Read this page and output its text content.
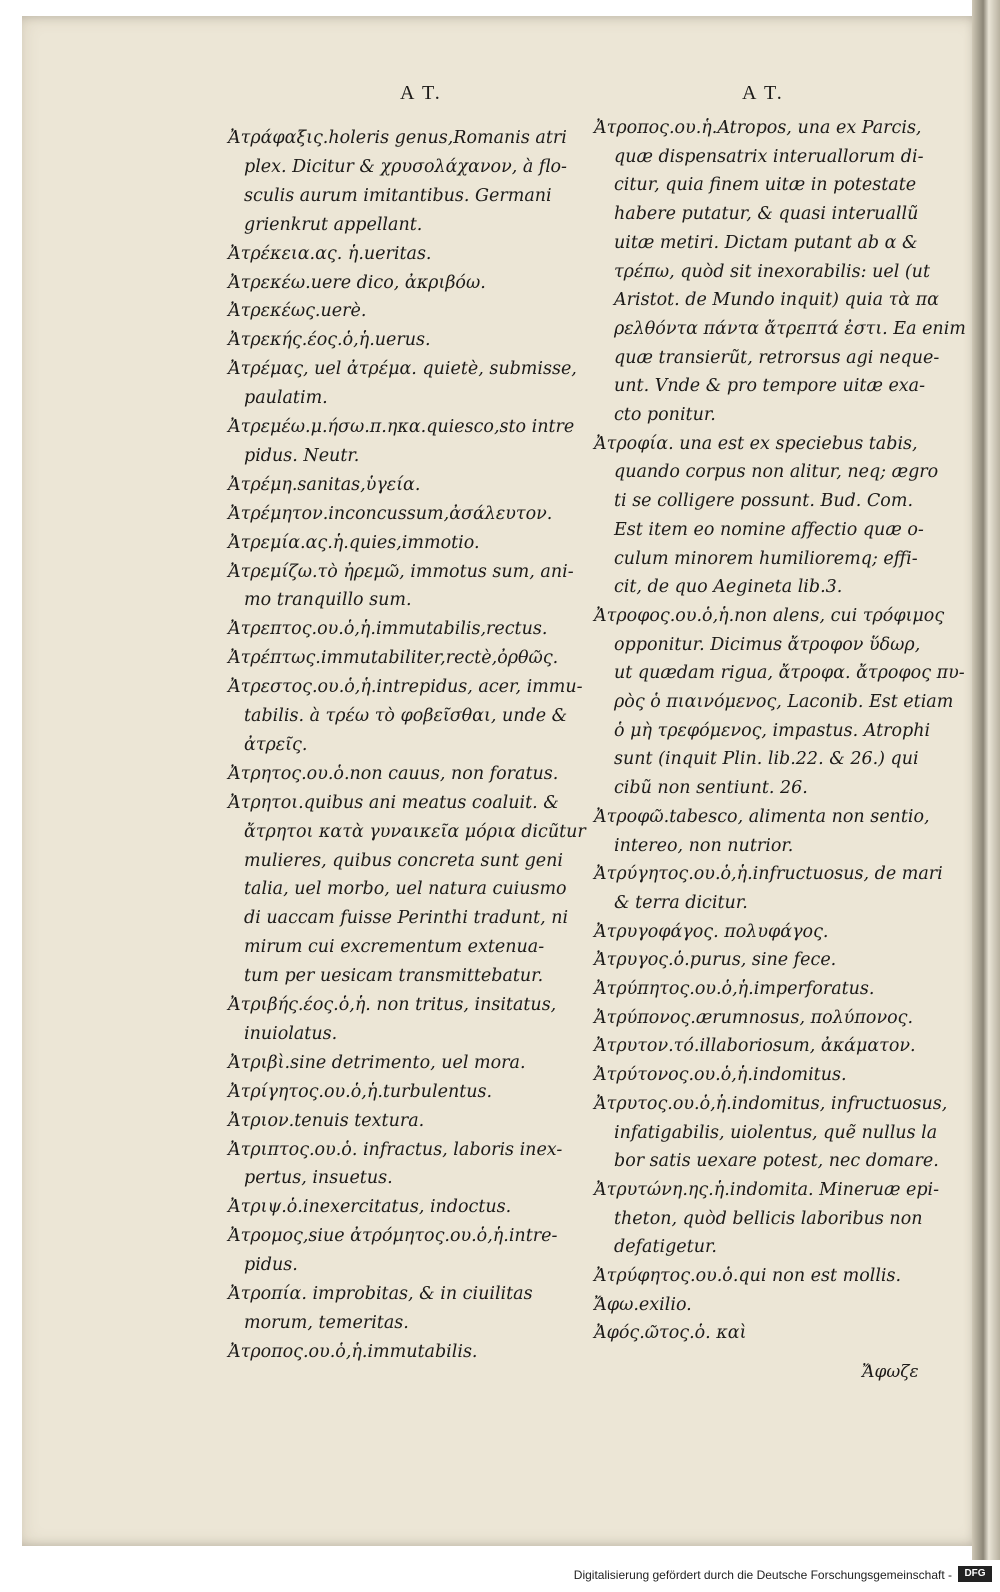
A T.	A T.
Ἀτράφαξις.holeris genus,Romanis atri
plex. Dicitur & χρυσολάχανον, à flo-
sculis aurum imitantibus. Germani
grienkrut appellant.
Ἀτρέκεια.ας. ἡ.ueritas.
Ἀτρεκέω.uere dico, ἀκριβόω.
Ἀτρεκέως.uerè.
Ἀτρεκής.έος.ὁ,ἡ.uerus.
Ἀτρέμας, uel ἀτρέμα. quietè, submisse,
paulatim.
Ἀτρεμέω.μ.ήσω.π.ηκα.quiesco,sto intre
pidus. Neutr.
Ἀτρέμη.sanitas,ὑγεία.
Ἀτρέμητον.inconcussum,ἀσάλευτον.
Ἀτρεμία.ας.ἡ.quies,immotio.
Ἀτρεμίζω.τὸ ἠρεμῶ, immotus sum, ani-
mo tranquillo sum.
Ἀτρεπτος.ου.ὁ,ἡ.immutabilis,rectus.
Ἀτρέπτως.immutabiliter,rectè,ὀρθῶς.
Ἀτρεστος.ου.ὁ,ἡ.intrepidus, acer, immu-
tabilis. à τρέω τὸ φοβεῖσθαι, unde &
ἀτρεῖς.
Ἀτρητος.ου.ὁ.non cauus, non foratus.
Ἀτρητοι.quibus ani meatus coaluit. &
ἄτρητοι κατὰ γυναικεῖα μόρια dicũtur
mulieres, quibus concreta sunt geni
talia, uel morbo, uel natura cuiusmo
di uaccam fuisse Perinthi tradunt, ni
mirum cui excrementum extenua-
tum per uesicam transmittebatur.
Ἀτριβής.έος.ὁ,ἡ. non tritus, insitatus,
inuiolatus.
Ἀτριβὶ.sine detrimento, uel mora.
Ἀτρίγητος.ου.ὁ,ἡ.turbulentus.
Ἀτριον.tenuis textura.
Ἀτριπτος.ου.ὁ. infractus, laboris inex-
pertus, insuetus.
Ἀτριψ.ὁ.inexercitatus, indoctus.
Ἀτρομος,siue ἀτρόμητος.ου.ὁ,ἡ.intre-
pidus.
Ἀτροπία. improbitas, & in ciuilitas
morum, temeritas.
Ἀτροπος.ου.ὁ,ἡ.immutabilis.
Ἀτροπος.ου.ἡ.Atropos, una ex Parcis,
quæ dispensatrix interuallorum di-
citur, quia finem uitæ in potestate
habere putatur, & quasi interuallũ
uitæ metiri. Dictam putant ab α &
τρέπω, quòd sit inexorabilis: uel (ut
Aristot. de Mundo inquit) quia τὰ πα
ρελθόντα πάντα ἄτρεπτά ἐστι. Ea enim
quæ transierũt, retrorsus agi neque-
unt. Vnde & pro tempore uitæ exa-
cto ponitur.
Ἀτροφία. una est ex speciebus tabis,
quando corpus non alitur, neq; ægro
ti se colligere possunt. Bud. Com.
Est item eo nomine affectio quæ o-
culum minorem humilioremq; effi-
cit, de quo Aegineta lib.3.
Ἀτροφος.ου.ὁ,ἡ.non alens, cui τρόφιμος
opponitur. Dicimus ἄτροφον ὕδωρ,
ut quædam rigua, ἄτροφα. ἄτροφος πυ-
ρὸς ὁ πιαινόμενος, Laconib. Est etiam
ὁ μὴ τρεφόμενος, impastus. Atrophi
sunt (inquit Plin. lib.22. & 26.) qui
cibũ non sentiunt. 26.
Ἀτροφῶ.tabesco, alimenta non sentio,
intereo, non nutrior.
Ἀτρύγητος.ου.ὁ,ἡ.infructuosus, de mari
& terra dicitur.
Ἀτρυγοφάγος. πολυφάγος.
Ἀτρυγος.ὁ.purus, sine fece.
Ἀτρύπητος.ου.ὁ,ἡ.imperforatus.
Ἀτρύπονος.ærumnosus, πολύπονος.
Ἀτρυτον.τό.illaboriosum, ἀκάματον.
Ἀτρύτονος.ου.ὁ,ἡ.indomitus.
Ἀτρυτος.ου.ὁ,ἡ.indomitus, infructuosus,
infatigabilis, uiolentus, quẽ nullus la
bor satis uexare potest, nec domare.
Ἀτρυτώνη.ης.ἡ.indomita. Mineruæ epi-
theton, quòd bellicis laboribus non
defatigetur.
Ἀτρύφητος.ου.ὁ.qui non est mollis.
Ἄφω.exilio.
Ἀφός.ῶτος.ὁ. καὶ
Ἄφωζε
Digitalisierung gefördert durch die Deutsche Forschungsgemeinschaft -	DFG
